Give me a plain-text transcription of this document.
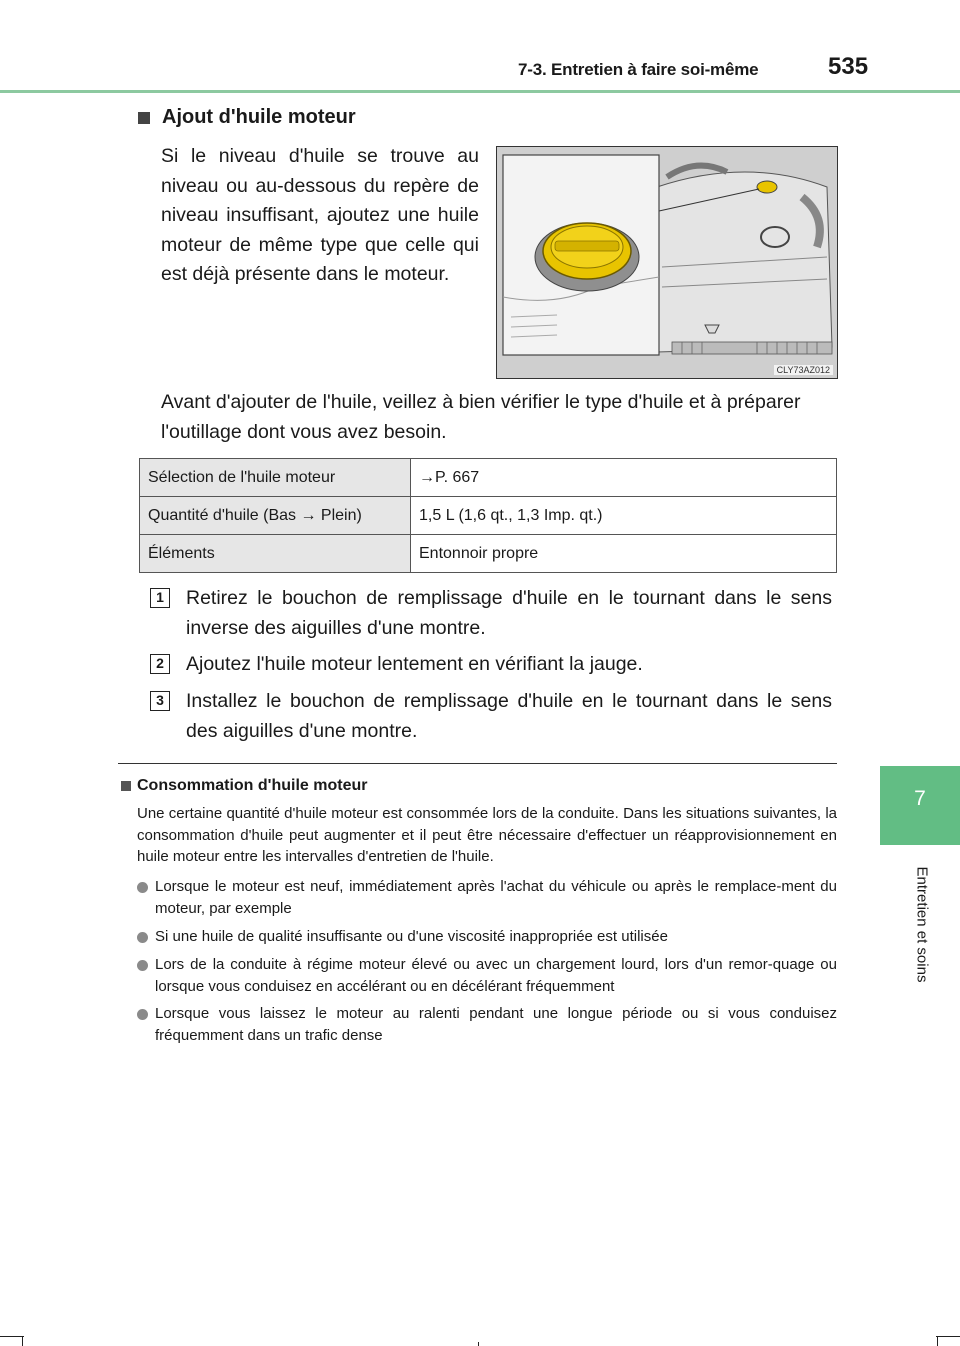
7-3. Entretien à faire soi-même	535
7
Entretien et soins
Ajout d'huile moteur
Si le niveau d'huile se trouve au niveau ou au-dessous du repère de niveau insuffisant, ajoutez une huile moteur de même type que celle qui est déjà présente dans le moteur.
CLY73AZ012
Avant d'ajouter de l'huile, veillez à bien vérifier le type d'huile et à préparer l'outillage dont vous avez besoin.
Sélection de l'huile moteur	→P. 667
Quantité d'huile (Bas → Plein)	1,5 L (1,6 qt., 1,3 Imp. qt.)
Éléments	Entonnoir propre
1	Retirez le bouchon de remplissage d'huile en le tournant dans le sens inverse des aiguilles d'une montre.
2	Ajoutez l'huile moteur lentement en vérifiant la jauge.
3	Installez le bouchon de remplissage d'huile en le tournant dans le sens des aiguilles d'une montre.
Consommation d'huile moteur
Une certaine quantité d'huile moteur est consommée lors de la conduite. Dans les situations suivantes, la consommation d'huile peut augmenter et il peut être nécessaire d'effectuer un réapprovisionnement en huile moteur entre les intervalles d'entretien de l'huile.
Lorsque le moteur est neuf, immédiatement après l'achat du véhicule ou après le remplace-ment du moteur, par exemple
Si une huile de qualité insuffisante ou d'une viscosité inappropriée est utilisée
Lors de la conduite à régime moteur élevé ou avec un chargement lourd, lors d'un remor-quage ou lorsque vous conduisez en accélérant ou en décélérant fréquemment
Lorsque vous laissez le moteur au ralenti pendant une longue période ou si vous conduisez fréquemment dans un trafic dense
